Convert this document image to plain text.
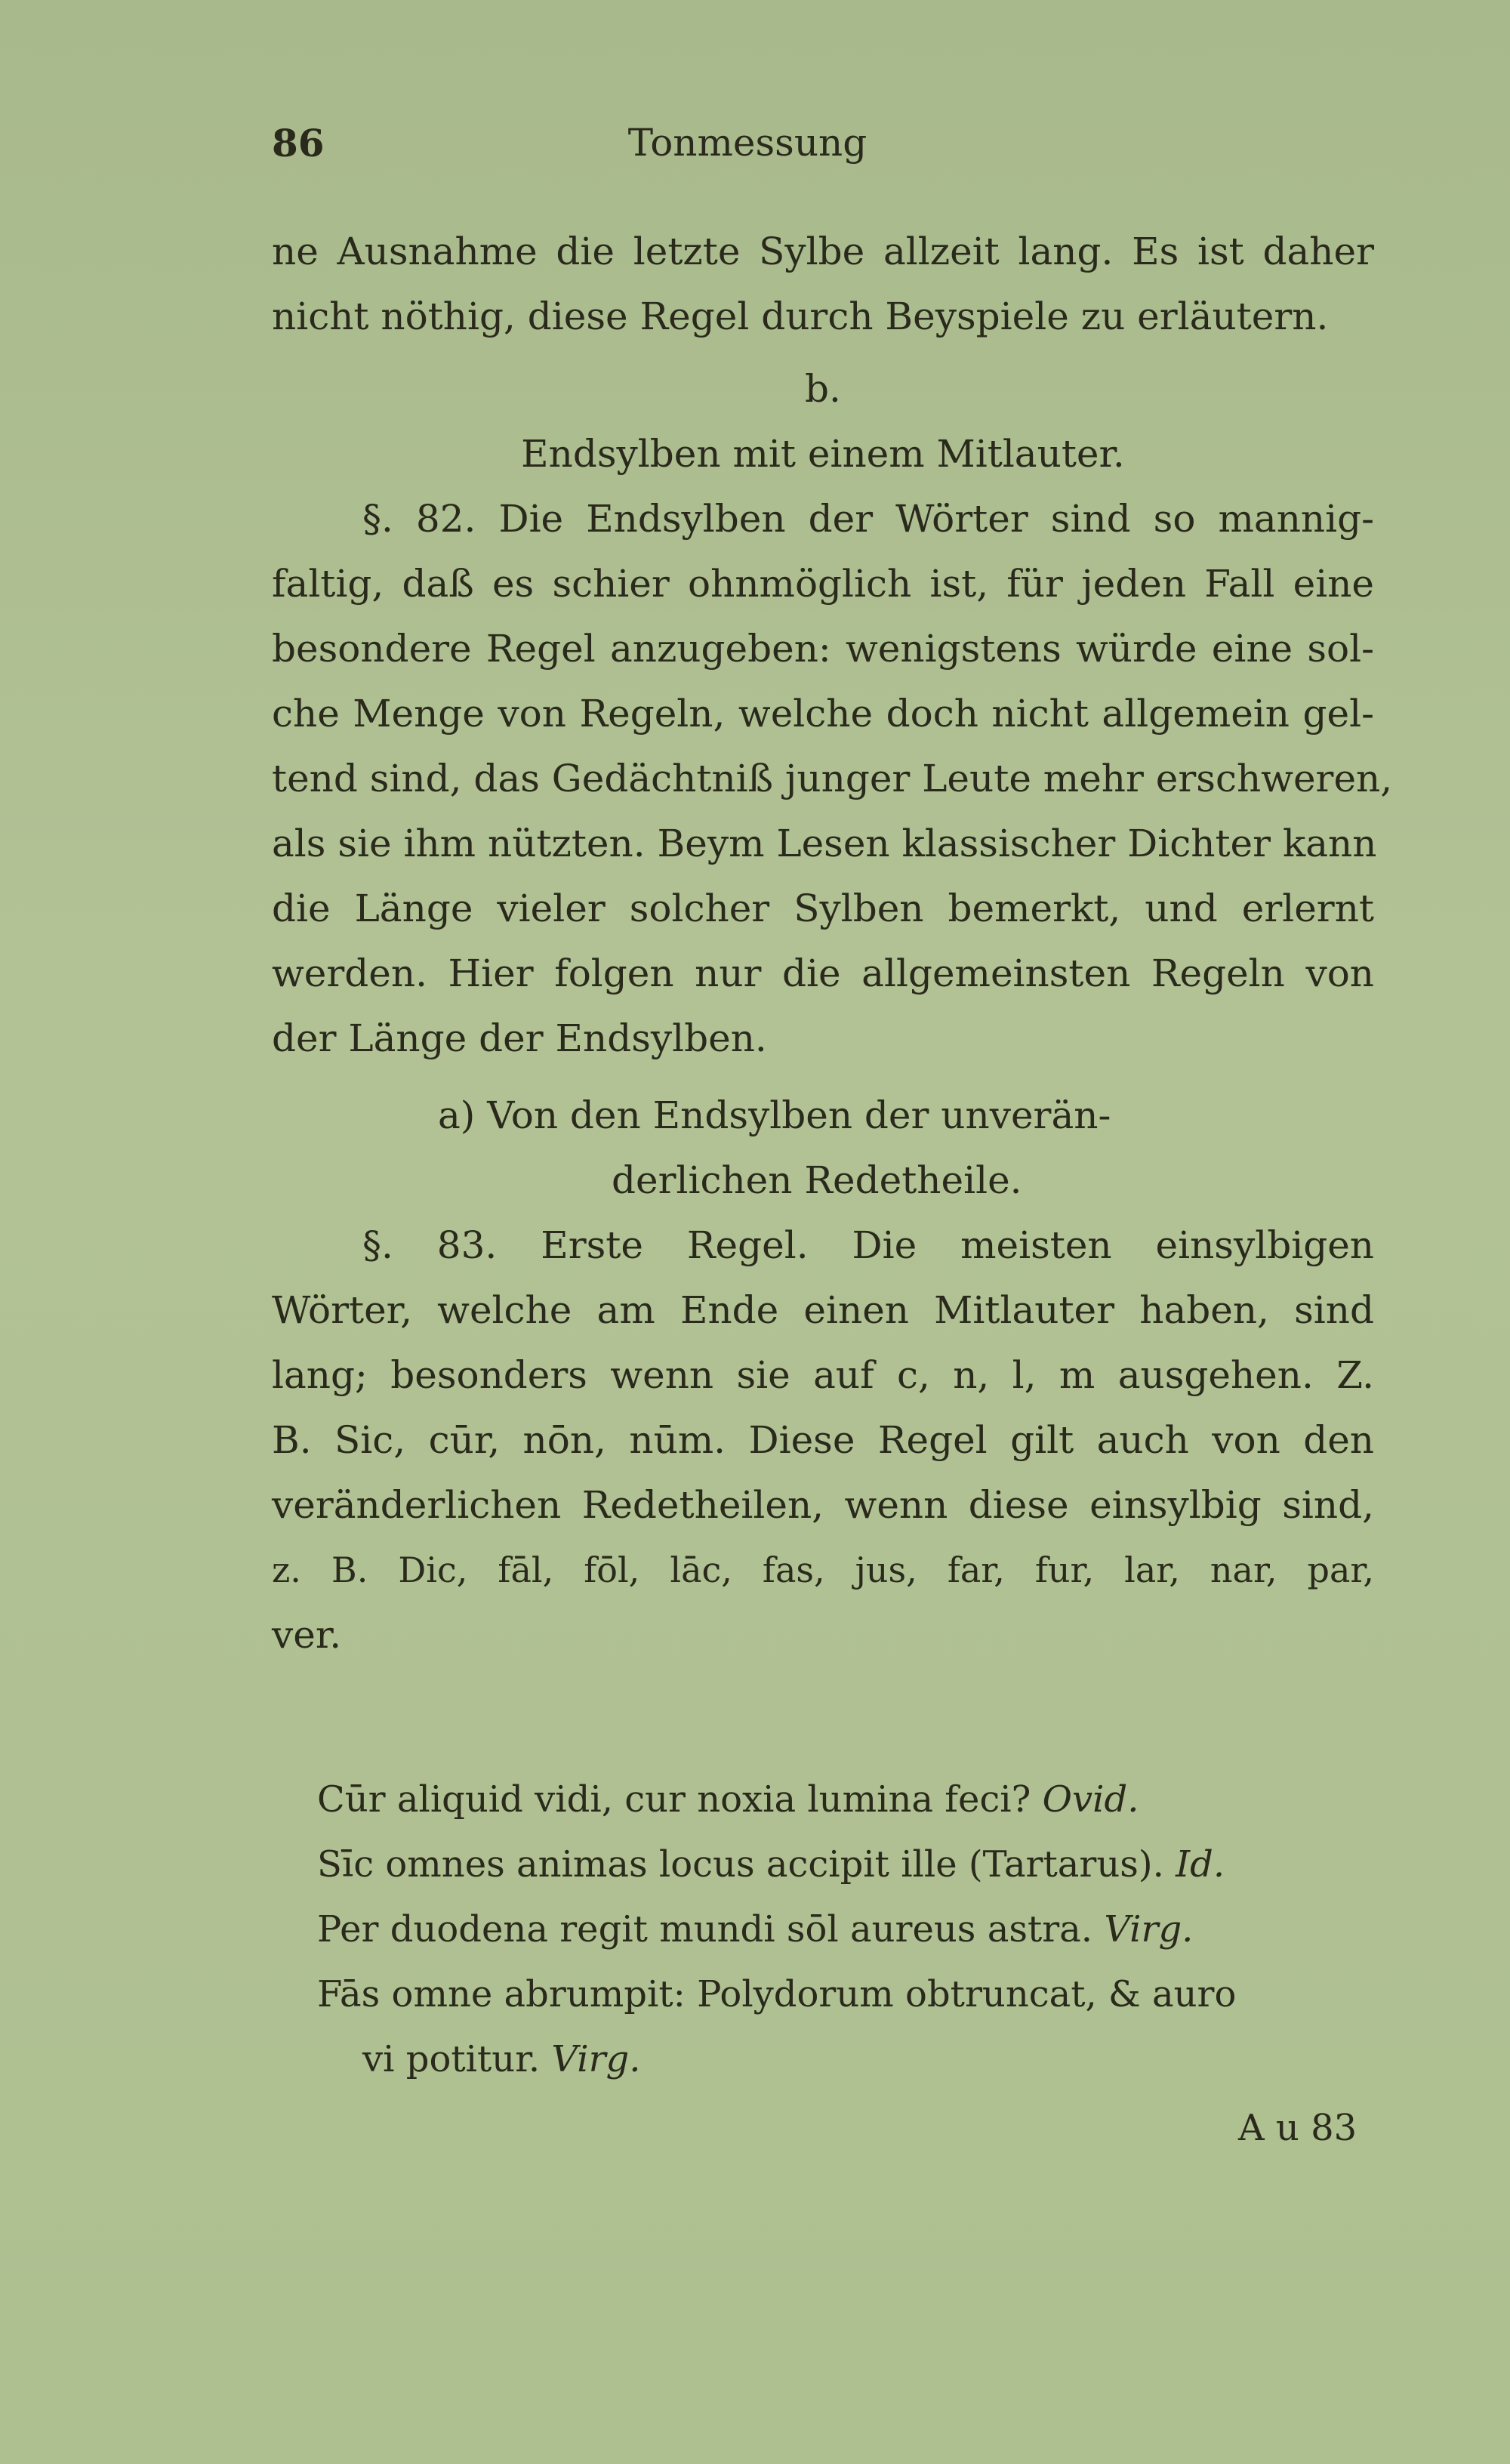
86	Tonmessung
ne Ausnahme die letzte Sylbe allzeit lang. Es ist daher
nicht nöthig, diese Regel durch Beyspiele zu erläutern.
b.
Endsylben mit einem Mitlauter.
§. 82. Die Endsylben der Wörter sind so mannig-
faltig, daß es schier ohnmöglich ist, für jeden Fall eine
besondere Regel anzugeben: wenigstens würde eine sol-
che Menge von Regeln, welche doch nicht allgemein gel-
tend sind, das Gedächtniß junger Leute mehr erschweren,
als sie ihm nützten. Beym Lesen klassischer Dichter kann
die Länge vieler solcher Sylben bemerkt, und erlernt
werden. Hier folgen nur die allgemeinsten Regeln von
der Länge der Endsylben.
a) Von den Endsylben der unverän-
derlichen Redetheile.
§. 83. Erste Regel. Die meisten einsylbigen
Wörter, welche am Ende einen Mitlauter haben, sind
lang; besonders wenn sie auf c, n, l, m ausgehen. Z.
B. Sic, cūr, nōn, nūm. Diese Regel gilt auch von den
veränderlichen Redetheilen, wenn diese einsylbig sind,
z. B. Dic, fāl, fōl, lāc, fas, jus, far, fur, lar, nar, par,
ver.
Cūr aliquid vidi, cur noxia lumina feci? Ovid.
Sīc omnes animas locus accipit ille (Tartarus). Id.
Per duodena regit mundi sōl aureus astra. Virg.
Fās omne abrumpit: Polydorum obtruncat, & auro
vi potitur. Virg.
A u 83
